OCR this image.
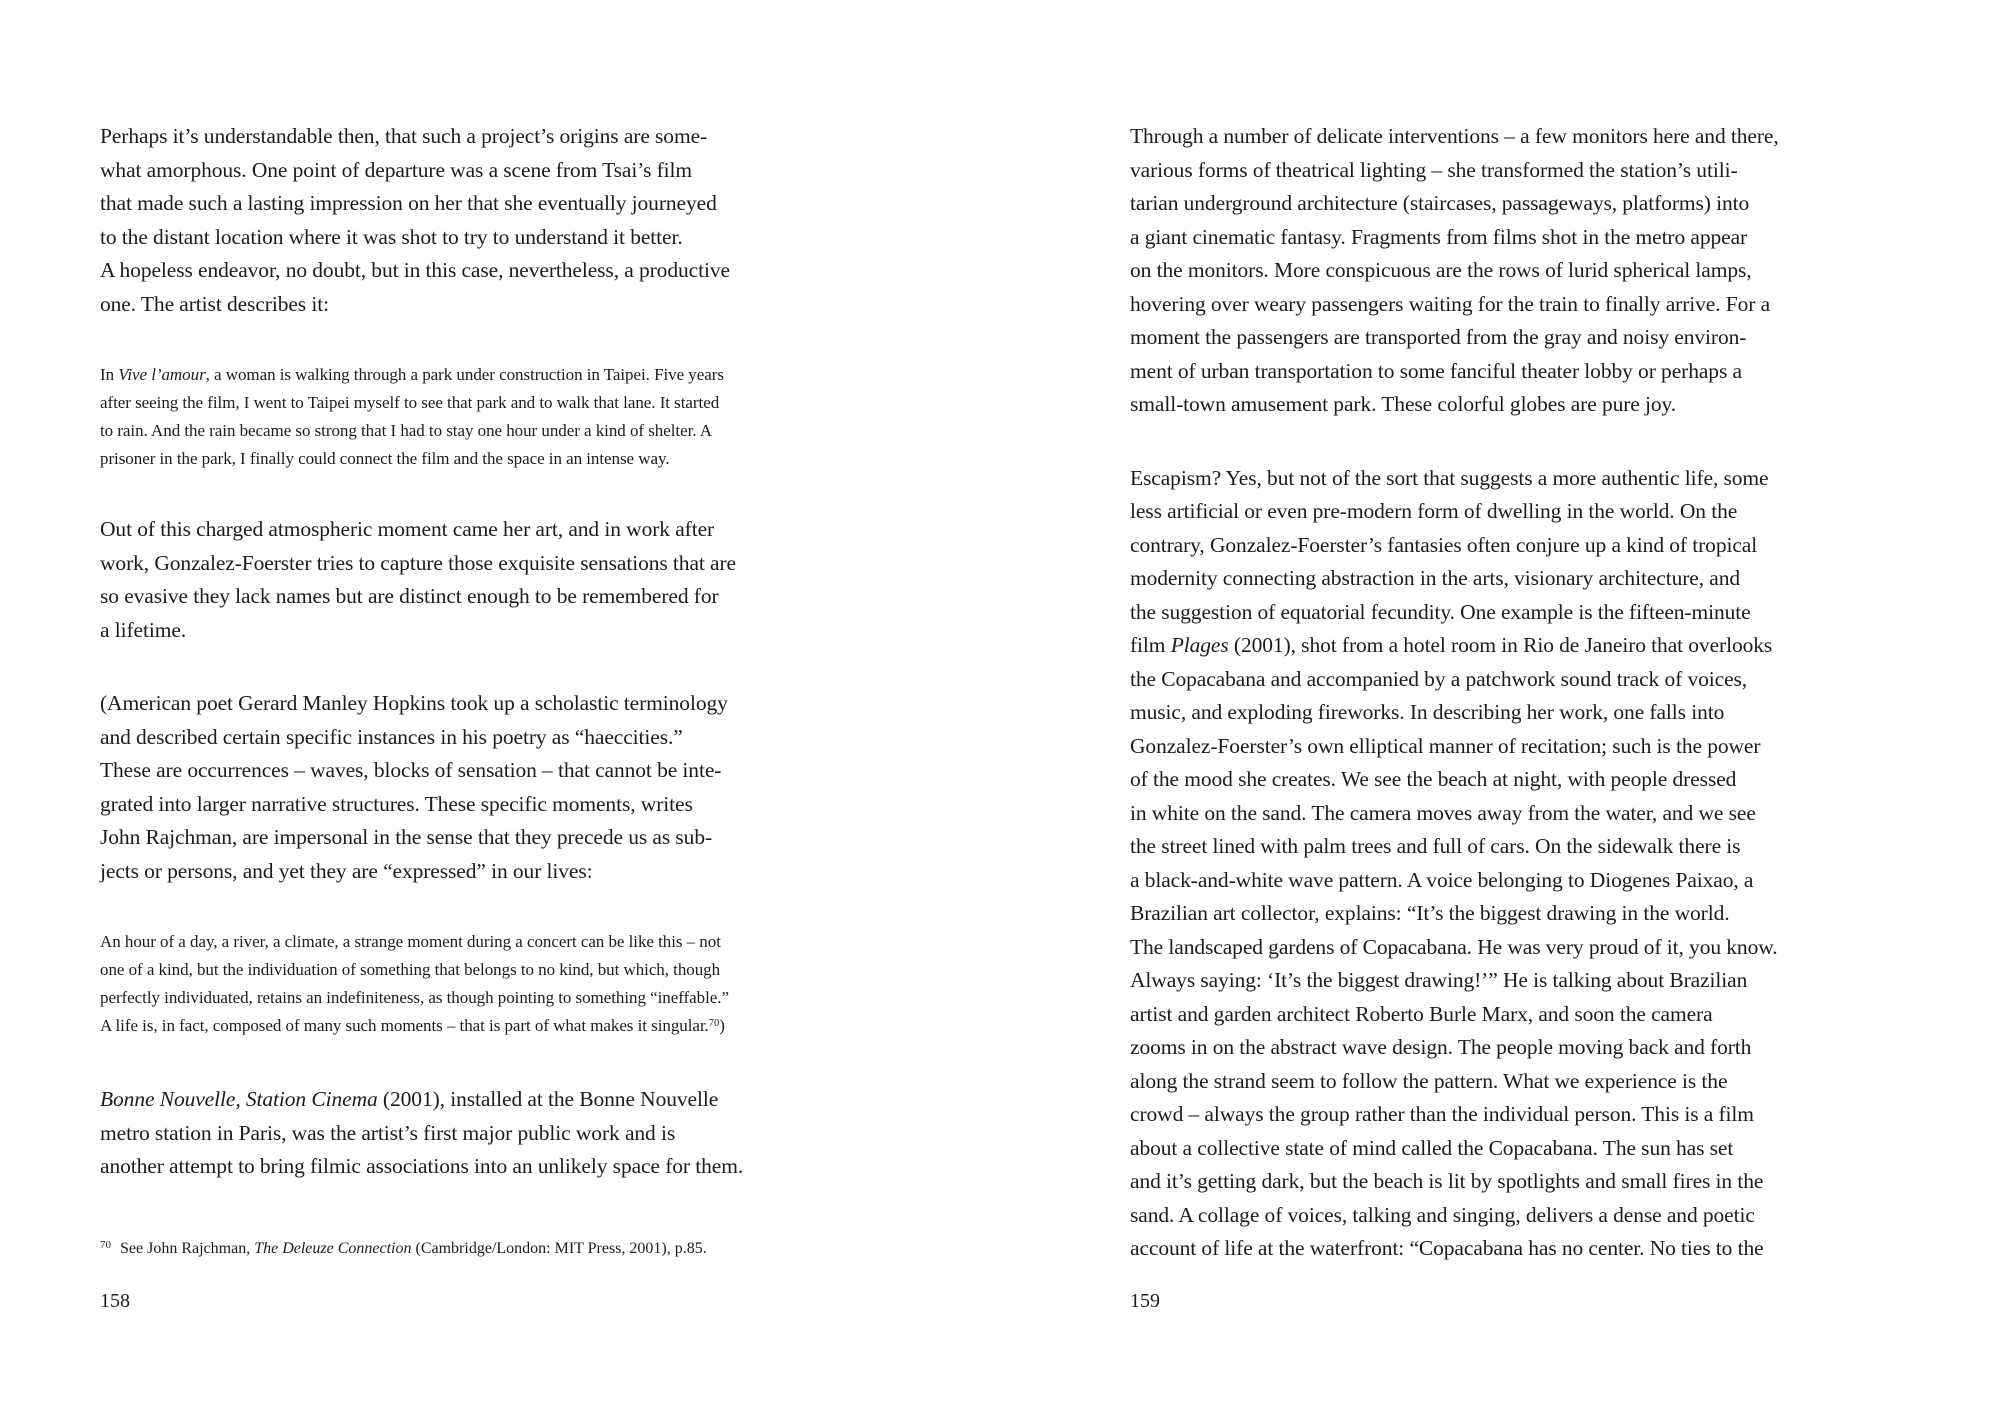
Perhaps it’s understandable then, that such a project’s origins are some-
what amorphous. One point of departure was a scene from Tsai’s film
that made such a lasting impression on her that she eventually journeyed
to the distant location where it was shot to try to understand it better.
A hopeless endeavor, no doubt, but in this case, nevertheless, a productive
one. The artist describes it:
In Vive l’amour, a woman is walking through a park under construction in Taipei. Five years
after seeing the film, I went to Taipei myself to see that park and to walk that lane. It started
to rain. And the rain became so strong that I had to stay one hour under a kind of shelter. A
prisoner in the park, I finally could connect the film and the space in an intense way.
Out of this charged atmospheric moment came her art, and in work after
work, Gonzalez-Foerster tries to capture those exquisite sensations that are
so evasive they lack names but are distinct enough to be remembered for
a lifetime.
(American poet Gerard Manley Hopkins took up a scholastic terminology
and described certain specific instances in his poetry as “haeccities.”
These are occurrences – waves, blocks of sensation – that cannot be inte-
grated into larger narrative structures. These specific moments, writes
John Rajchman, are impersonal in the sense that they precede us as sub-
jects or persons, and yet they are “expressed” in our lives:
An hour of a day, a river, a climate, a strange moment during a concert can be like this – not
one of a kind, but the individuation of something that belongs to no kind, but which, though
perfectly individuated, retains an indefiniteness, as though pointing to something “ineffable.”
A life is, in fact, composed of many such moments – that is part of what makes it singular.$^{70}$)
Bonne Nouvelle, Station Cinema (2001), installed at the Bonne Nouvelle
metro station in Paris, was the artist’s first major public work and is
another attempt to bring filmic associations into an unlikely space for them.
$^{70}$ See John Rajchman, The Deleuze Connection (Cambridge/London: MIT Press, 2001), p.85.
158
Through a number of delicate interventions – a few monitors here and there,
various forms of theatrical lighting – she transformed the station’s utili-
tarian underground architecture (staircases, passageways, platforms) into
a giant cinematic fantasy. Fragments from films shot in the metro appear
on the monitors. More conspicuous are the rows of lurid spherical lamps,
hovering over weary passengers waiting for the train to finally arrive. For a
moment the passengers are transported from the gray and noisy environ-
ment of urban transportation to some fanciful theater lobby or perhaps a
small-town amusement park. These colorful globes are pure joy.
Escapism? Yes, but not of the sort that suggests a more authentic life, some
less artificial or even pre-modern form of dwelling in the world. On the
contrary, Gonzalez-Foerster’s fantasies often conjure up a kind of tropical
modernity connecting abstraction in the arts, visionary architecture, and
the suggestion of equatorial fecundity. One example is the fifteen-minute
film Plages (2001), shot from a hotel room in Rio de Janeiro that overlooks
the Copacabana and accompanied by a patchwork sound track of voices,
music, and exploding fireworks. In describing her work, one falls into
Gonzalez-Foerster’s own elliptical manner of recitation; such is the power
of the mood she creates. We see the beach at night, with people dressed
in white on the sand. The camera moves away from the water, and we see
the street lined with palm trees and full of cars. On the sidewalk there is
a black-and-white wave pattern. A voice belonging to Diogenes Paixao, a
Brazilian art collector, explains: “It’s the biggest drawing in the world.
The landscaped gardens of Copacabana. He was very proud of it, you know.
Always saying: ‘It’s the biggest drawing!’” He is talking about Brazilian
artist and garden architect Roberto Burle Marx, and soon the camera
zooms in on the abstract wave design. The people moving back and forth
along the strand seem to follow the pattern. What we experience is the
crowd – always the group rather than the individual person. This is a film
about a collective state of mind called the Copacabana. The sun has set
and it’s getting dark, but the beach is lit by spotlights and small fires in the
sand. A collage of voices, talking and singing, delivers a dense and poetic
account of life at the waterfront: “Copacabana has no center. No ties to the
159
